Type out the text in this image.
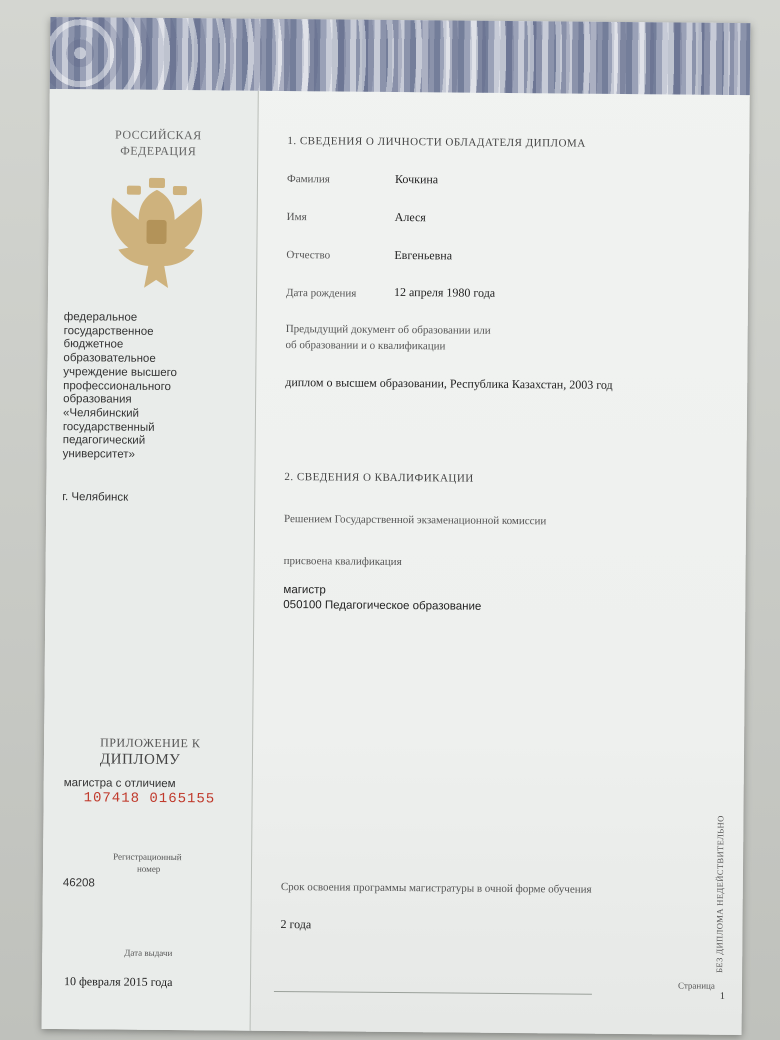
РОССИЙСКАЯ
ФЕДЕРАЦИЯ
федеральное
государственное
бюджетное
образовательное
учреждение высшего
профессионального
образования
«Челябинский
государственный
педагогический
университет»
г. Челябинск
ПРИЛОЖЕНИЕ К
ДИПЛОМУ
магистра с отличием
107418 0165155
Регистрационный
номер
46208
Дата выдачи
10 февраля 2015 года
1. СВЕДЕНИЯ О ЛИЧНОСТИ ОБЛАДАТЕЛЯ ДИПЛОМА
Фамилия	Кочкина
Имя	Алеся
Отчество	Евгеньевна
Дата рождения	12 апреля 1980 года
Предыдущий документ об образовании или
об образовании и о квалификации
диплом о высшем образовании, Республика Казахстан, 2003 год
2. СВЕДЕНИЯ О КВАЛИФИКАЦИИ
Решением Государственной экзаменационной комиссии
присвоена квалификация
магистр
050100 Педагогическое образование
Срок освоения программы магистратуры в очной форме обучения
2 года
Страница
1
БЕЗ ДИПЛОМА НЕДЕЙСТВИТЕЛЬНО
